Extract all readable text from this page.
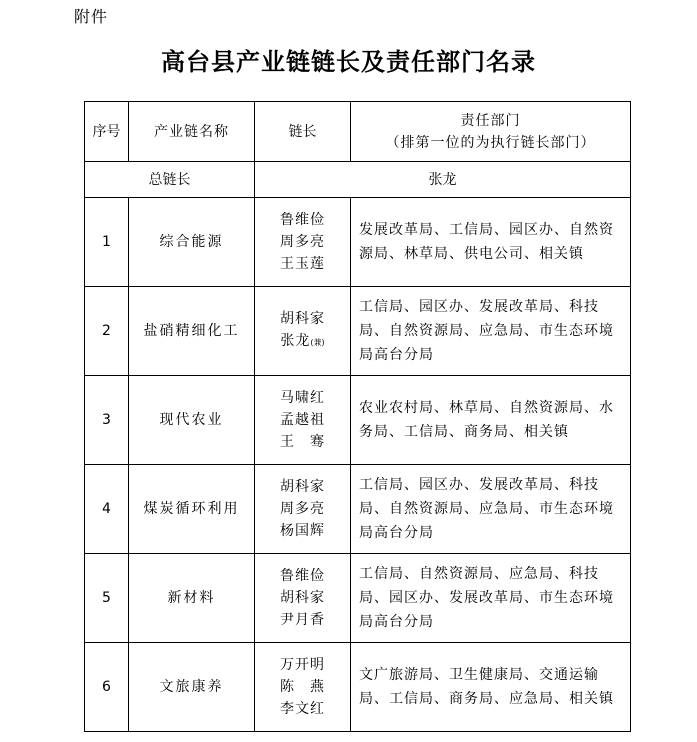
附件
高台县产业链链长及责任部门名录
序号	产业链名称	链长	责任部门
（排第一位的为执行链长部门）

总链长		张龙	
1	综合能源	鲁维俭
周多亮
王玉莲	发展改革局、工信局、园区办、自然资源局、林草局、供电公司、相关镇
2	盐硝精细化工	胡科家
张龙(兼)	工信局、园区办、发展改革局、科技局、自然资源局、应急局、市生态环境局高台分局
3	现代农业	马啸红
孟越祖
王　骞	农业农村局、林草局、自然资源局、水务局、工信局、商务局、相关镇
4	煤炭循环利用	胡科家
周多亮
杨国辉	工信局、园区办、发展改革局、科技局、自然资源局、应急局、市生态环境局高台分局
5	新材料	鲁维俭
胡科家
尹月香	工信局、自然资源局、应急局、科技局、园区办、发展改革局、市生态环境局高台分局
6	文旅康养	万开明
陈　燕
李文红	文广旅游局、卫生健康局、交通运输局、工信局、商务局、应急局、相关镇
